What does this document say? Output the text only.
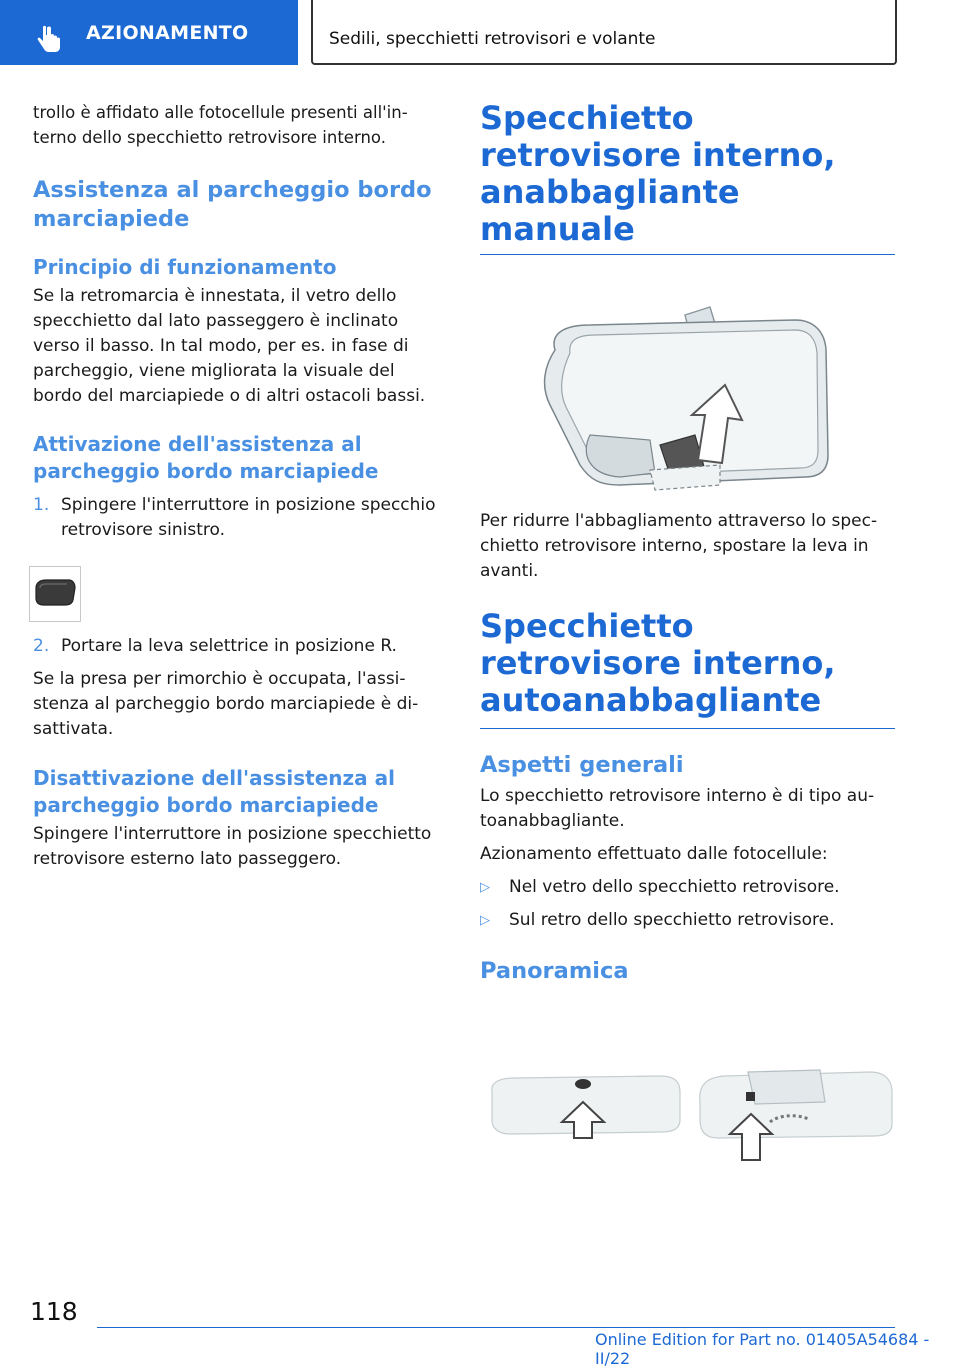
AZIONAMENTO	Sedili, specchietti retrovisori e volante

trollo è affidato alle fotocellule presenti all'in-terno dello specchietto retrovisore interno.

Assistenza al parcheggio bordo marciapiede
Principio di funzionamento

Se la retromarcia è innestata, il vetro dello specchietto dal lato passeggero è inclinato verso il basso. In tal modo, per es. in fase di parcheggio, viene migliorata la visuale del bordo del marciapiede o di altri ostacoli bassi.

Attivazione dell'assistenza al parcheggio bordo marciapiede
1. Spingere l'interruttore in posizione specchio retrovisore sinistro.
2. Portare la leva selettrice in posizione R.

Se la presa per rimorchio è occupata, l'assi-stenza al parcheggio bordo marciapiede è di-sattivata.

Disattivazione dell'assistenza al parcheggio bordo marciapiede

Spingere l'interruttore in posizione specchietto retrovisore esterno lato passeggero.

Specchietto retrovisore interno, anabbagliante manuale

Per ridurre l'abbagliamento attraverso lo spec-chietto retrovisore interno, spostare la leva in avanti.

Specchietto retrovisore interno, autoanabbagliante
Aspetti generali

Lo specchietto retrovisore interno è di tipo au-toanabbagliante.

Azionamento effettuato dalle fotocellule:

▷	Nel vetro dello specchietto retrovisore.
▷	Sul retro dello specchietto retrovisore.
Panoramica
118
Online Edition for Part no. 01405A54684 - II/22
